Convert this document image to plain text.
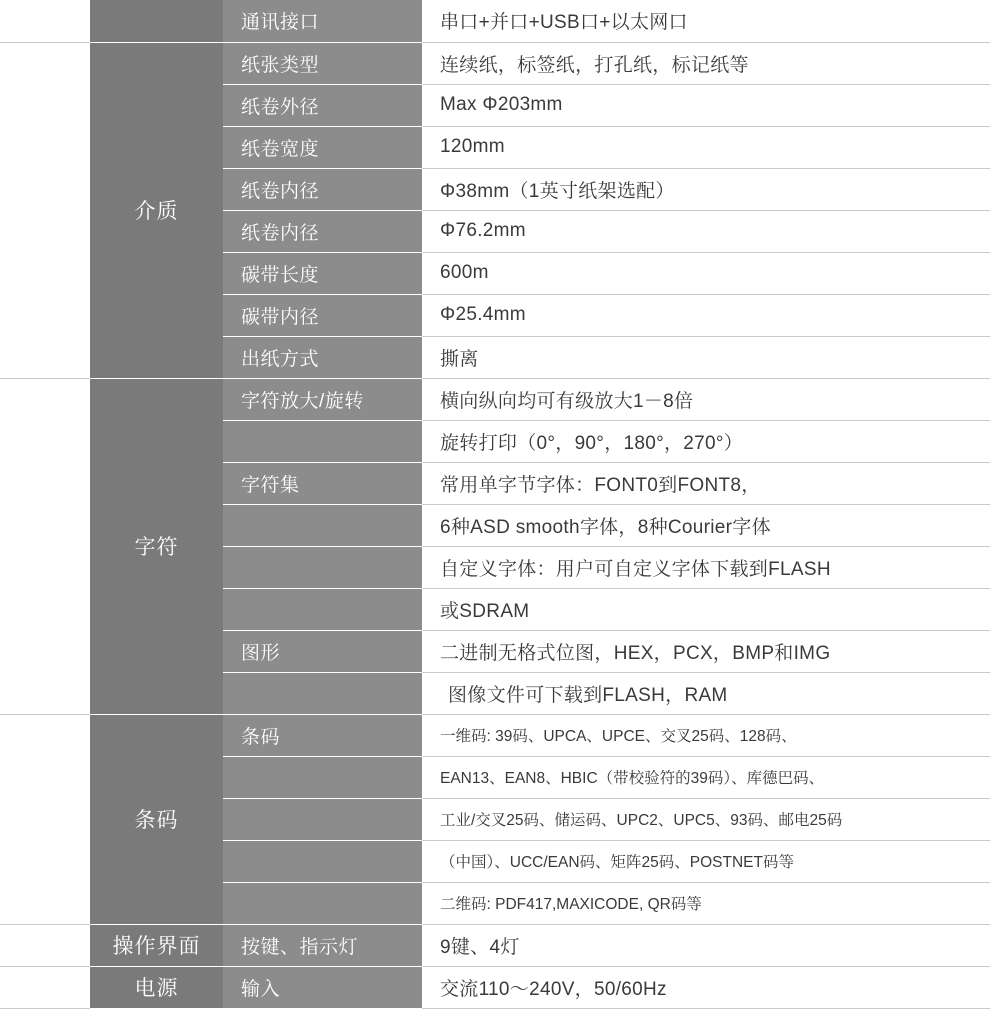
		通讯接口	串口+并口+USB口+以太网口
	介质	纸张类型	连续纸，标签纸，打孔纸，标记纸等
		纸卷外径	Max Φ203mm
		纸卷宽度	120mm
		纸卷内径	Φ38mm（1英寸纸架选配）
		纸卷内径	Φ76.2mm
		碳带长度	600m
		碳带内径	Φ25.4mm
		出纸方式	撕离
	字符	字符放大/旋转	横向纵向均可有级放大1－8倍
			旋转打印（0°，90°，180°，270°）
		字符集	常用单字节字体：FONT0到FONT8，
			6种ASD smooth字体，8种Courier字体
			自定义字体：用户可自定义字体下载到FLASH
			或SDRAM
		图形	二进制无格式位图，HEX，PCX，BMP和IMG
			图像文件可下载到FLASH，RAM
	条码	条码	一维码: 39码、UPCA、UPCE、交叉25码、128码、
			EAN13、EAN8、HBIC（带校验符的39码）、库德巴码、
			工业/交叉25码、储运码、UPC2、UPC5、93码、邮电25码
			（中国）、UCC/EAN码、矩阵25码、POSTNET码等
			二维码: PDF417,MAXICODE, QR码等
	操作界面	按键、指示灯	9键、4灯
	电源	输入	交流110～240V，50/60Hz
